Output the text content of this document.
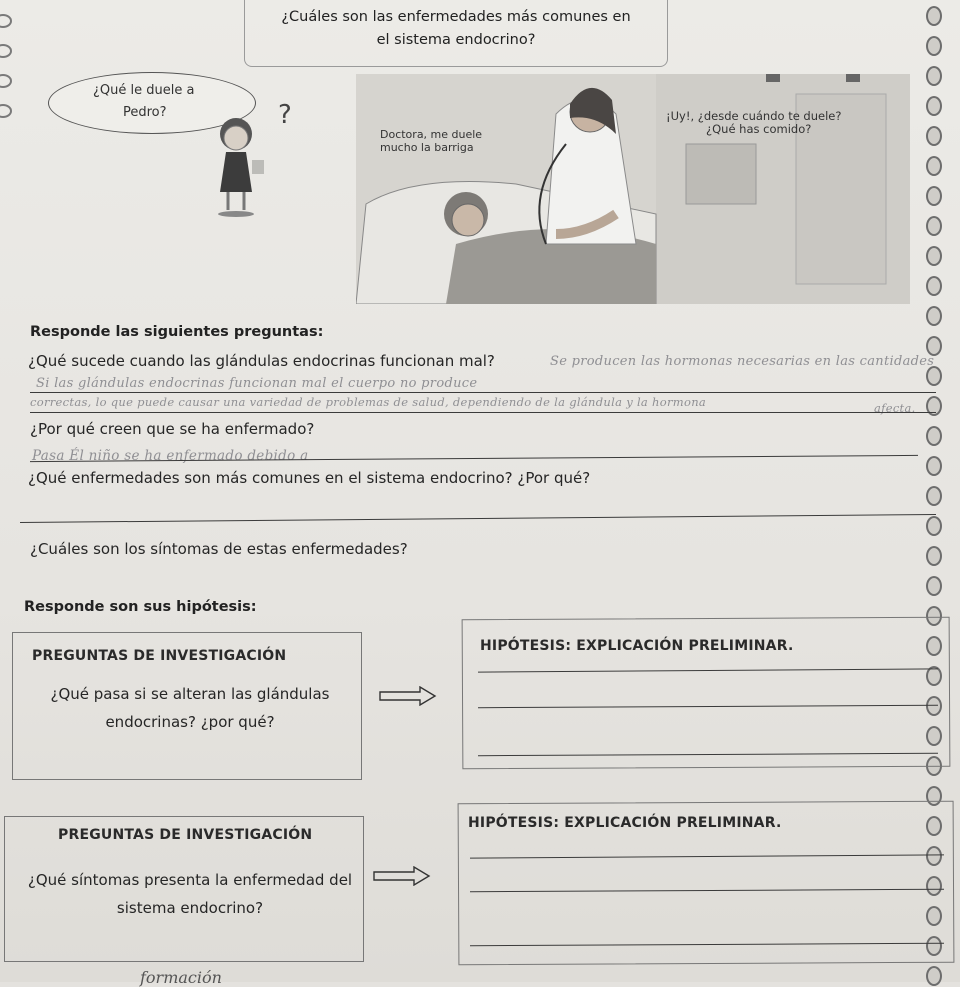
¿Cuáles son las enfermedades más comunes en
el sistema endocrino?
¿Qué le duele a
Pedro?	?
Doctora, me duele
mucho la barriga
¡Uy!, ¿desde cuándo te duele?
¿Qué has comido?
Responde las siguientes preguntas:
¿Qué sucede cuando las glándulas endocrinas funcionan mal?	Se producen las hormonas necesarias en las cantidades
Si las glándulas endocrinas funcionan mal el cuerpo no produce
correctas, lo que puede causar una variedad de problemas de salud, dependiendo de la glándula y la hormona	afecta.
¿Por qué creen que se ha enfermado?
Pasa Él niño se ha enfermado debido a
¿Qué enfermedades son más comunes en el sistema endocrino? ¿Por qué?
¿Cuáles son los síntomas de estas enfermedades?
Responde son sus hipótesis:
PREGUNTAS DE INVESTIGACIÓN
HIPÓTESIS: EXPLICACIÓN PRELIMINAR.
¿Qué pasa si se alteran las glándulas endocrinas? ¿por qué?
PREGUNTAS DE INVESTIGACIÓN
HIPÓTESIS: EXPLICACIÓN PRELIMINAR.
¿Qué síntomas presenta la enfermedad del sistema endocrino?
formación
